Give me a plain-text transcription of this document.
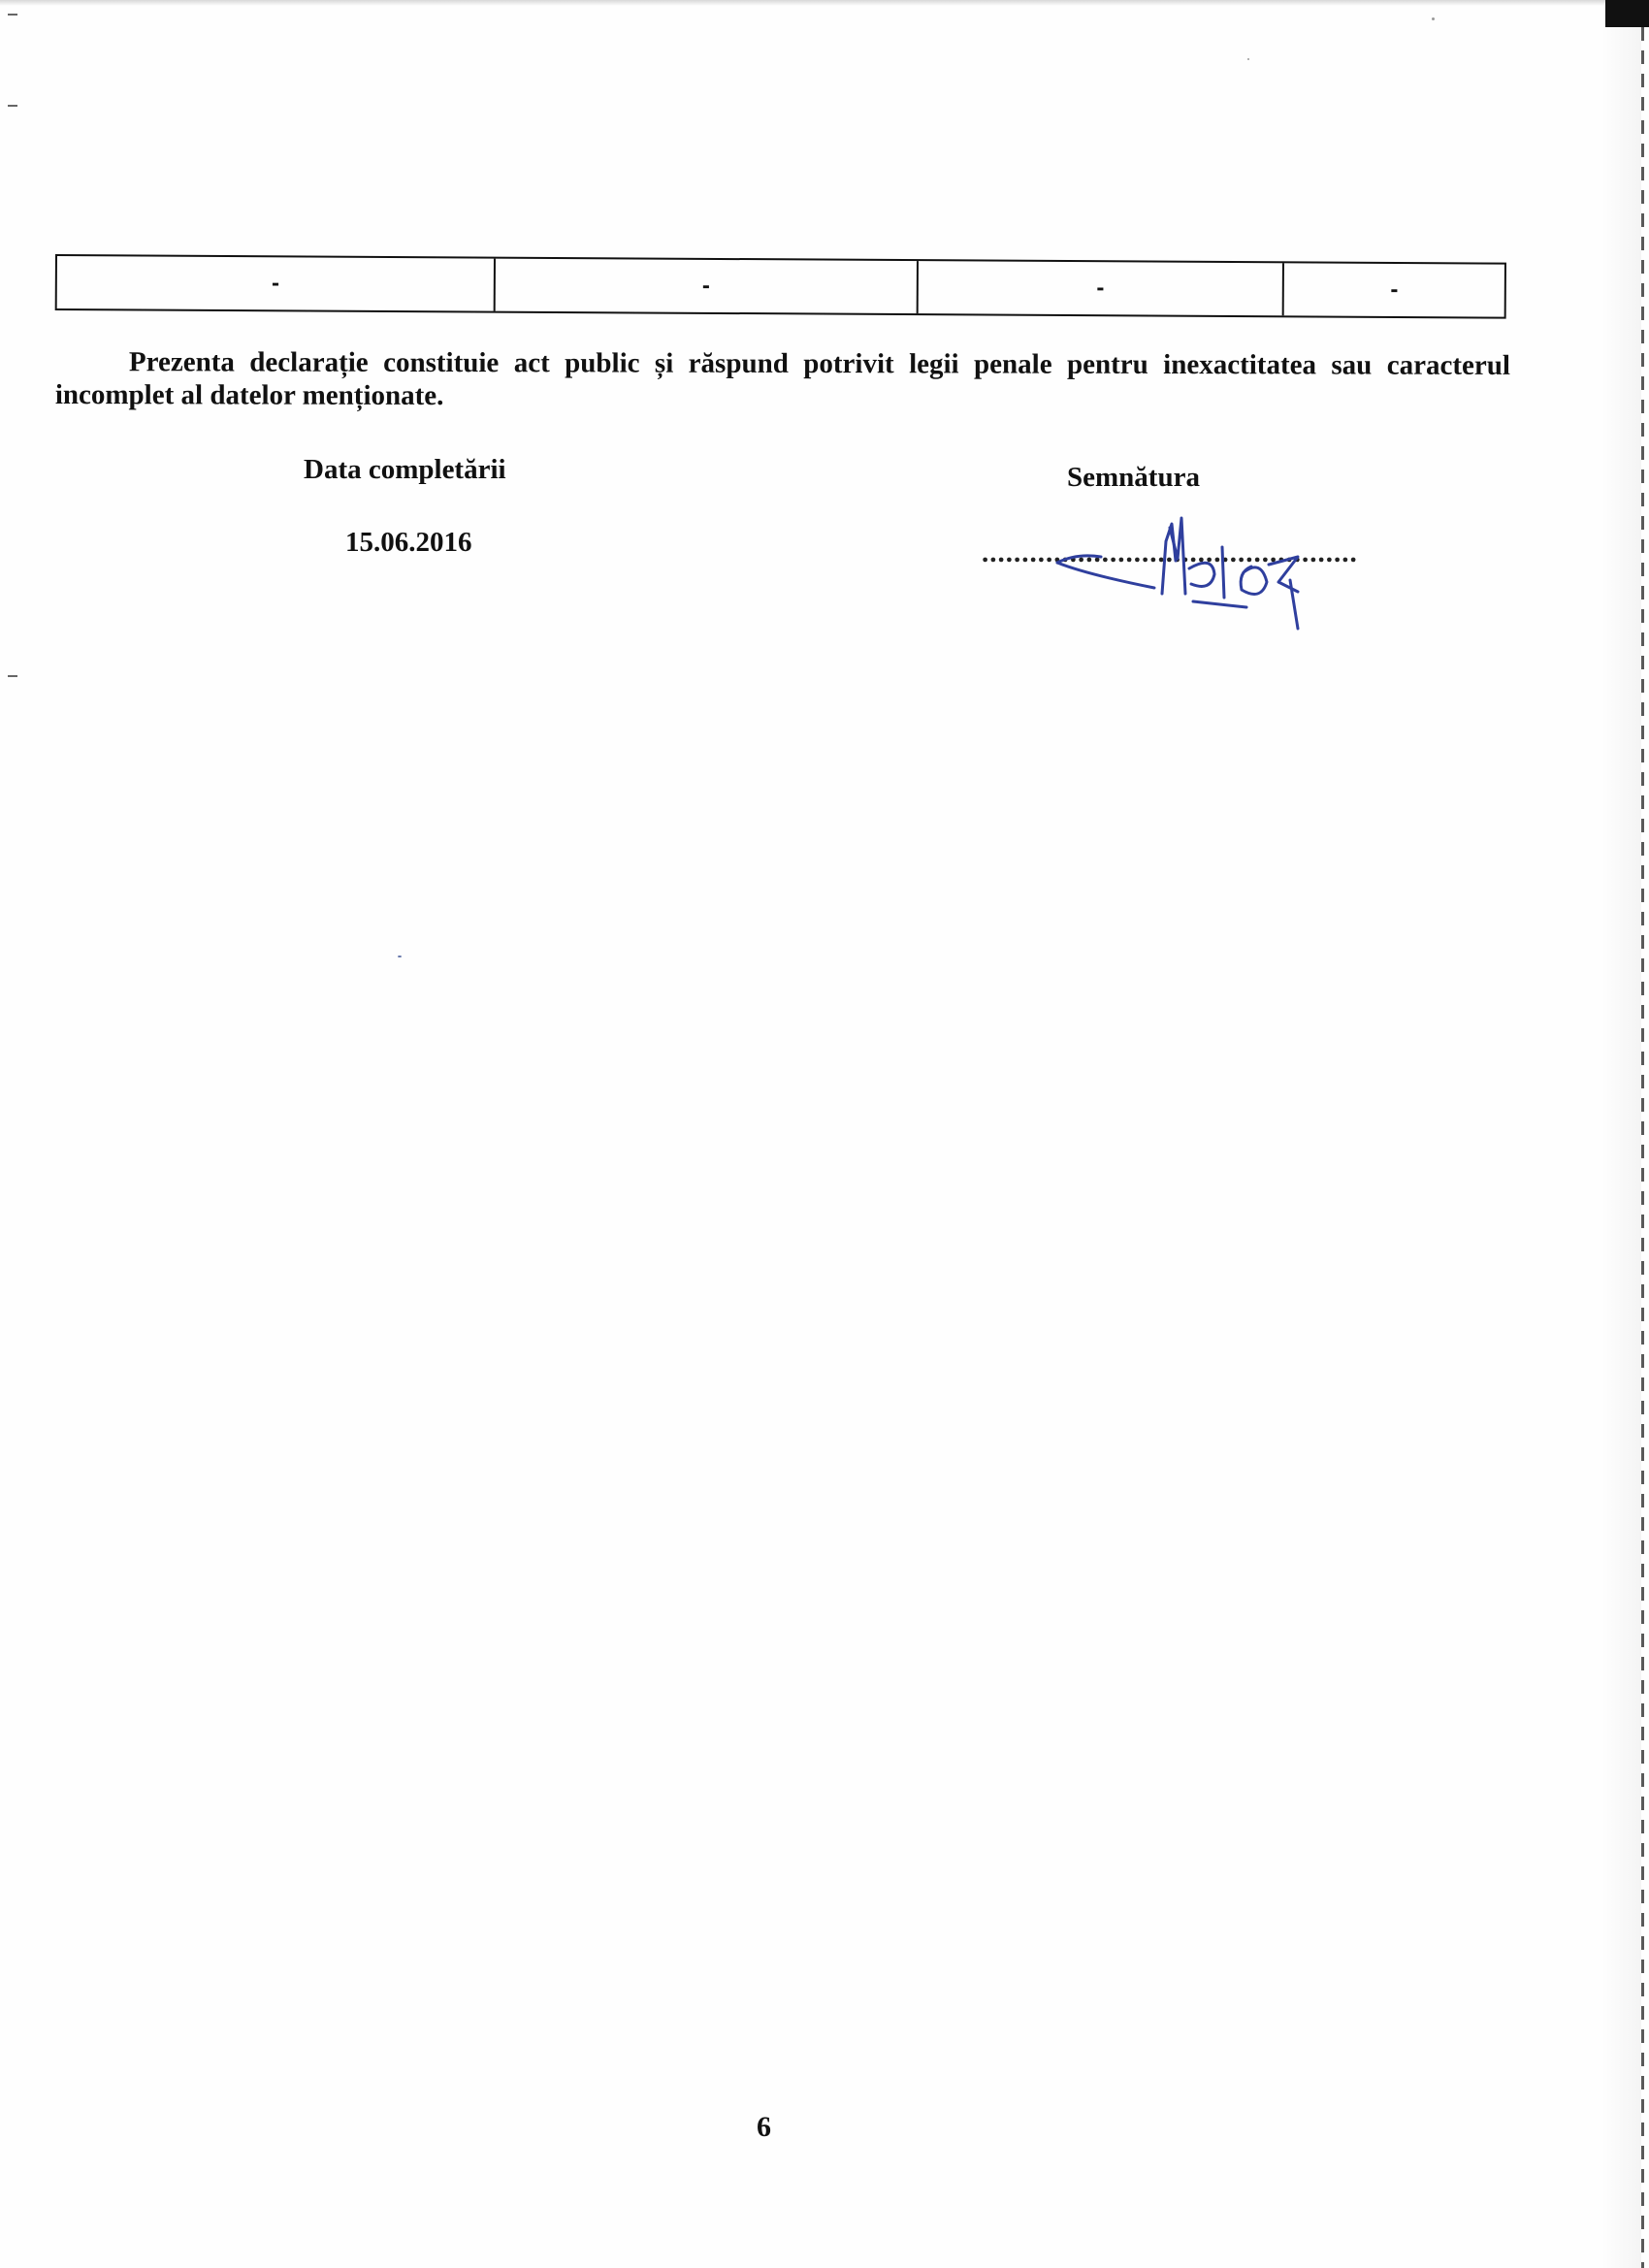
-	-	-	-

Prezenta declarație constituie act public și răspund potrivit legii penale pentru inexactitatea sau caracterul incomplet al datelor menționate.

Data completării

15.06.2016

Semnătura

...............................................

6
